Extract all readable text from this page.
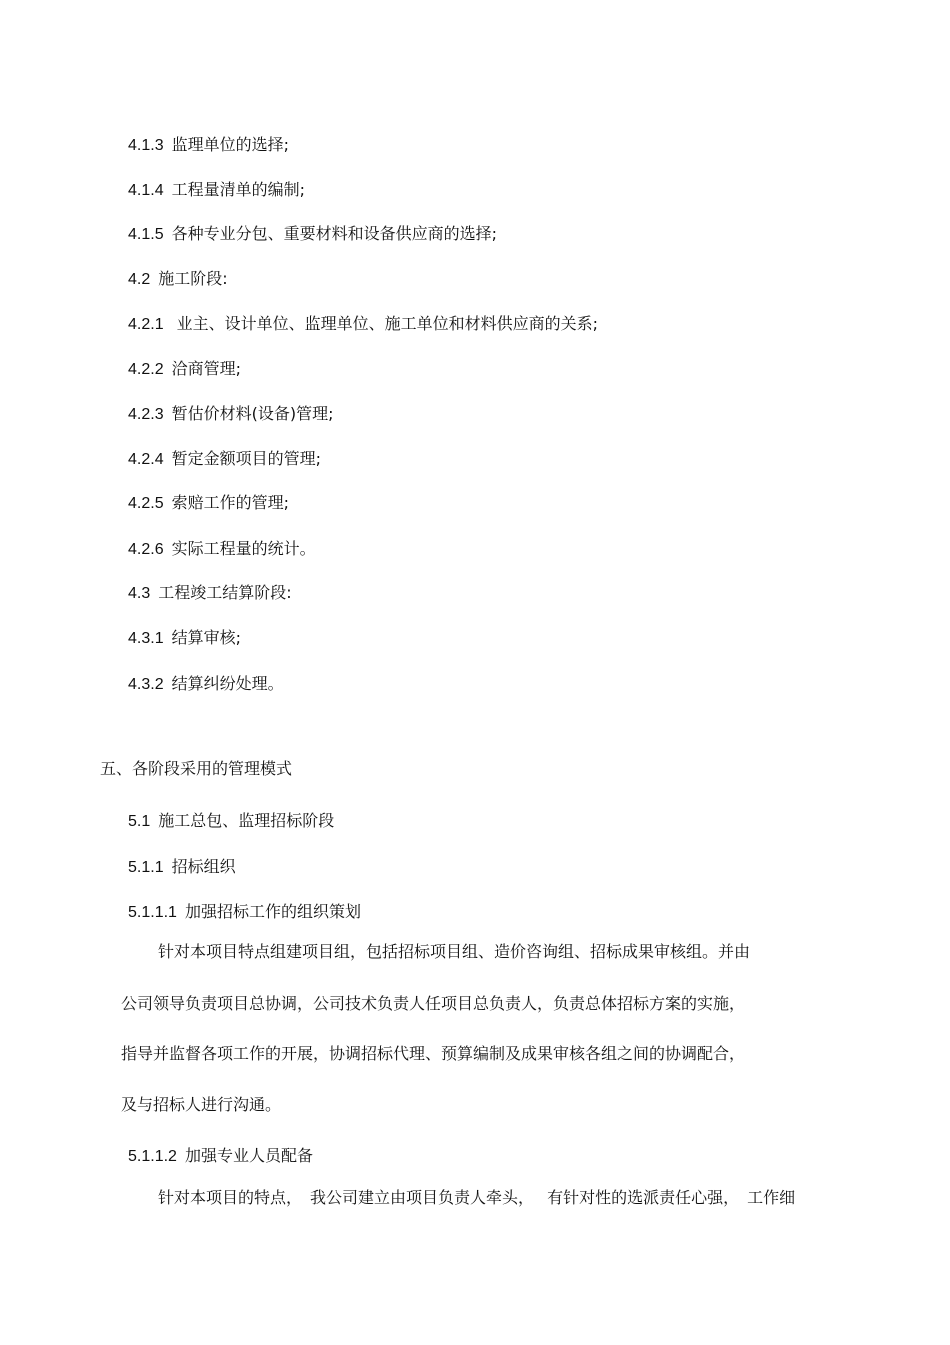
4.1.3 监理单位的选择;
4.1.4 工程量清单的编制;
4.1.5 各种专业分包、重要材料和设备供应商的选择;
4.2 施工阶段:
4.2.1 业主、设计单位、监理单位、施工单位和材料供应商的关系;
4.2.2 洽商管理;
4.2.3 暂估价材料(设备)管理;
4.2.4 暂定金额项目的管理;
4.2.5 索赔工作的管理;
4.2.6 实际工程量的统计。
4.3 工程竣工结算阶段:
4.3.1 结算审核;
4.3.2 结算纠纷处理。
五、各阶段采用的管理模式
5.1 施工总包、监理招标阶段
5.1.1 招标组织
5.1.1.1 加强招标工作的组织策划
针对本项目特点组建项目组，包括招标项目组、造价咨询组、招标成果审核组。并由
公司领导负责项目总协调，公司技术负责人任项目总负责人，负责总体招标方案的实施，
指导并监督各项工作的开展，协调招标代理、预算编制及成果审核各组之间的协调配合，
及与招标人进行沟通。
5.1.1.2 加强专业人员配备
针对本项目的特点，　我公司建立由项目负责人牵头，　 有针对性的选派责任心强，　工作细
